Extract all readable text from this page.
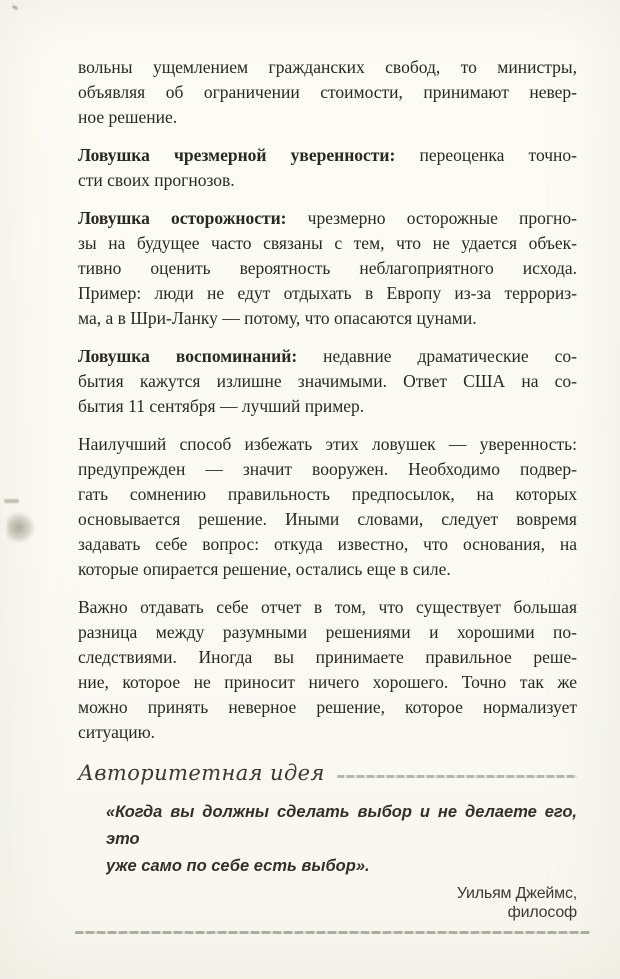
вольны ущемлением гражданских свобод, то министры,
объявляя об ограничении стоимости, принимают невер-
ное решение.

Ловушка чрезмерной уверенности: переоценка точно-
сти своих прогнозов.

Ловушка осторожности: чрезмерно осторожные прогно-
зы на будущее часто связаны с тем, что не удается объек-
тивно оценить вероятность неблагоприятного исхода.
Пример: люди не едут отдыхать в Европу из-за террориз-
ма, а в Шри-Ланку — потому, что опасаются цунами.

Ловушка воспоминаний: недавние драматические со-
бытия кажутся излишне значимыми. Ответ США на со-
бытия 11 сентября — лучший пример.

Наилучший способ избежать этих ловушек — уверенность:
предупрежден — значит вооружен. Необходимо подвер-
гать сомнению правильность предпосылок, на которых
основывается решение. Иными словами, следует вовремя
задавать себе вопрос: откуда известно, что основания, на
которые опирается решение, остались еще в силе.

Важно отдавать себе отчет в том, что существует большая
разница между разумными решениями и хорошими по-
следствиями. Иногда вы принимаете правильное реше-
ние, которое не приносит ничего хорошего. Точно так же
можно принять неверное решение, которое нормализует
ситуацию.

Авторитетная идея
«Когда вы должны сделать выбор и не делаете его, это
уже само по себе есть выбор».
Уильям Джеймс,
философ
